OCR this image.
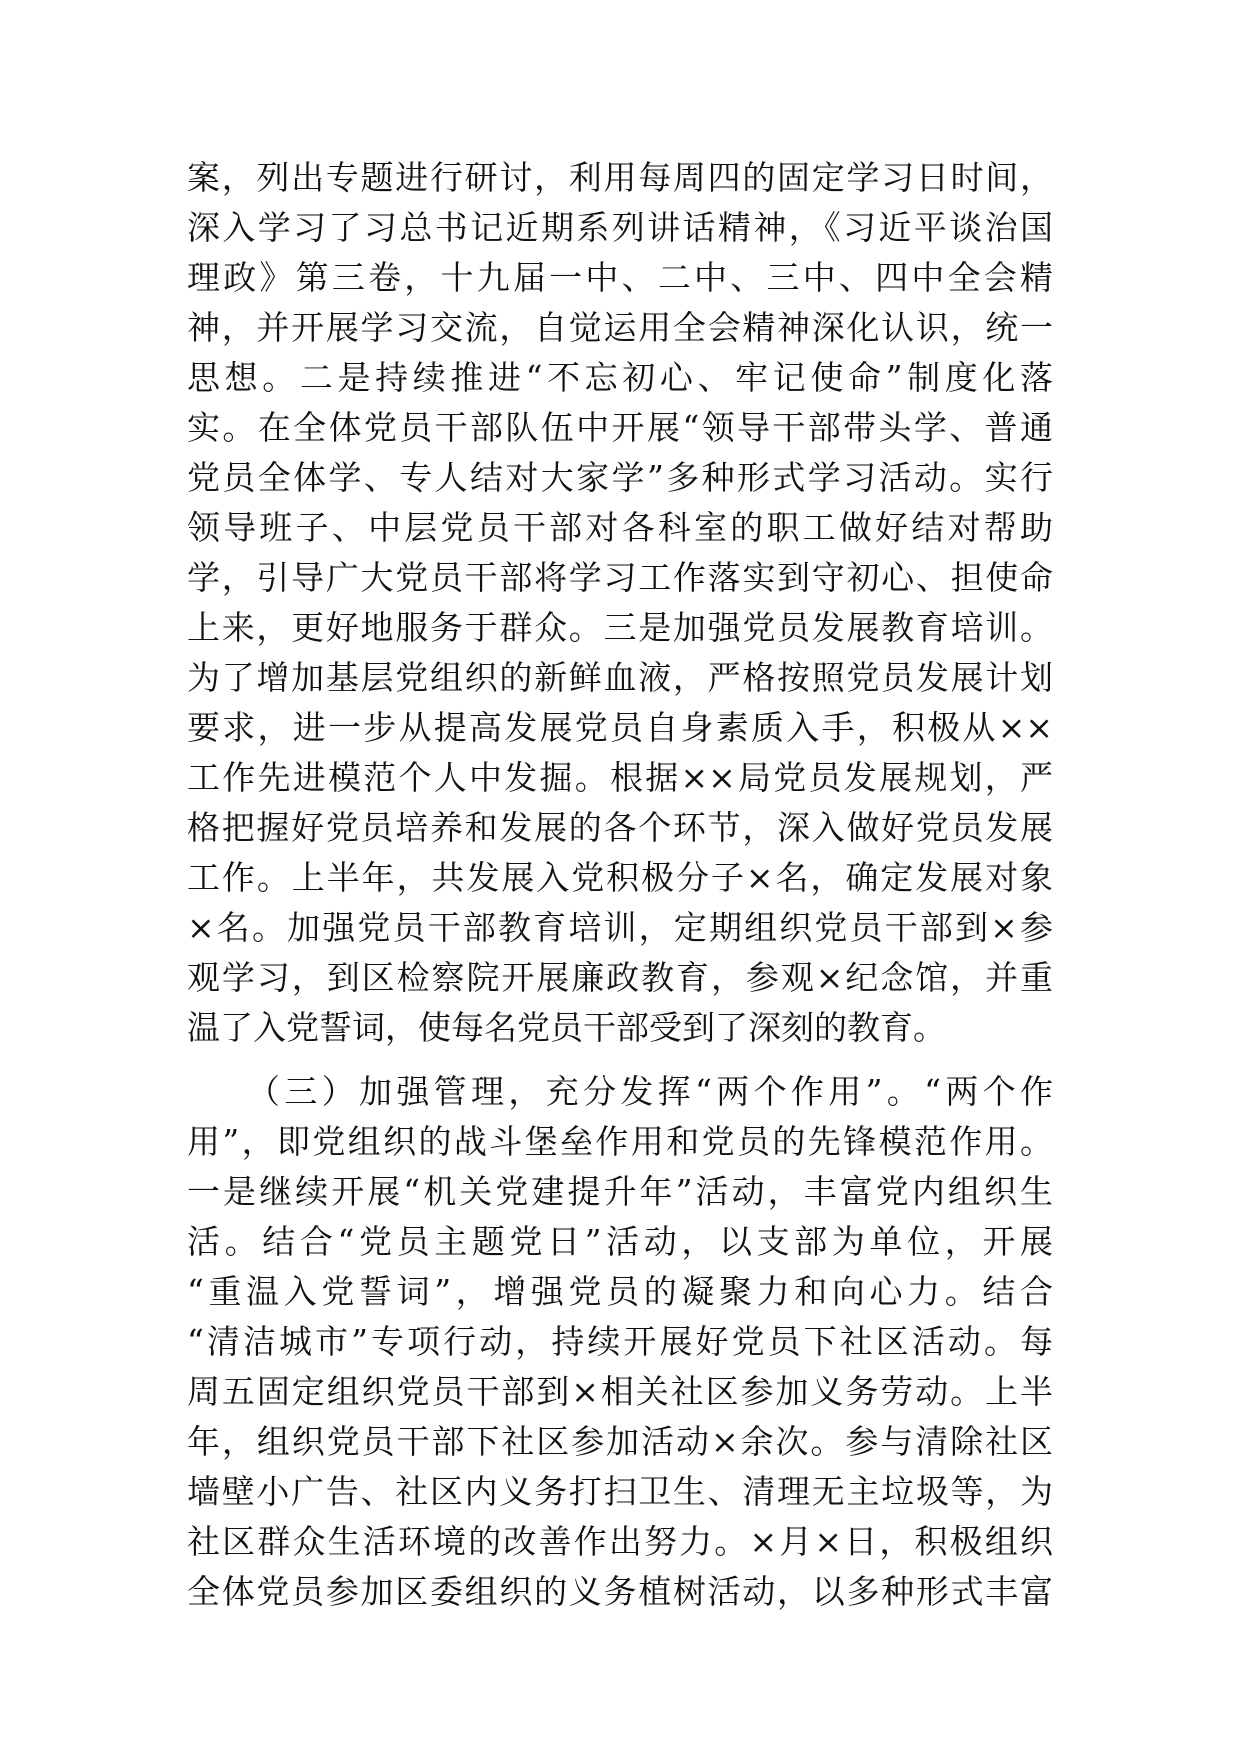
案，列出专题进行研讨，利用每周四的固定学习日时间，
深入学习了习总书记近期系列讲话精神，《习近平谈治国
理政》第三卷，十九届一中、二中、三中、四中全会精
神，并开展学习交流，自觉运用全会精神深化认识，统一
思想。二是持续推进“不忘初心、牢记使命”制度化落
实。在全体党员干部队伍中开展“领导干部带头学、普通
党员全体学、专人结对大家学”多种形式学习活动。实行
领导班子、中层党员干部对各科室的职工做好结对帮助
学，引导广大党员干部将学习工作落实到守初心、担使命
上来，更好地服务于群众。三是加强党员发展教育培训。
为了增加基层党组织的新鲜血液，严格按照党员发展计划
要求，进一步从提高发展党员自身素质入手，积极从××
工作先进模范个人中发掘。根据××局党员发展规划，严
格把握好党员培养和发展的各个环节，深入做好党员发展
工作。上半年，共发展入党积极分子×名，确定发展对象
×名。加强党员干部教育培训，定期组织党员干部到×参
观学习，到区检察院开展廉政教育，参观×纪念馆，并重
温了入党誓词，使每名党员干部受到了深刻的教育。
（三）加强管理，充分发挥“两个作用”。“两个作
用”，即党组织的战斗堡垒作用和党员的先锋模范作用。
一是继续开展“机关党建提升年”活动，丰富党内组织生
活。结合“党员主题党日”活动，以支部为单位，开展
“重温入党誓词”，增强党员的凝聚力和向心力。结合
“清洁城市”专项行动，持续开展好党员下社区活动。每
周五固定组织党员干部到×相关社区参加义务劳动。上半
年，组织党员干部下社区参加活动×余次。参与清除社区
墙壁小广告、社区内义务打扫卫生、清理无主垃圾等，为
社区群众生活环境的改善作出努力。×月×日，积极组织
全体党员参加区委组织的义务植树活动，以多种形式丰富
